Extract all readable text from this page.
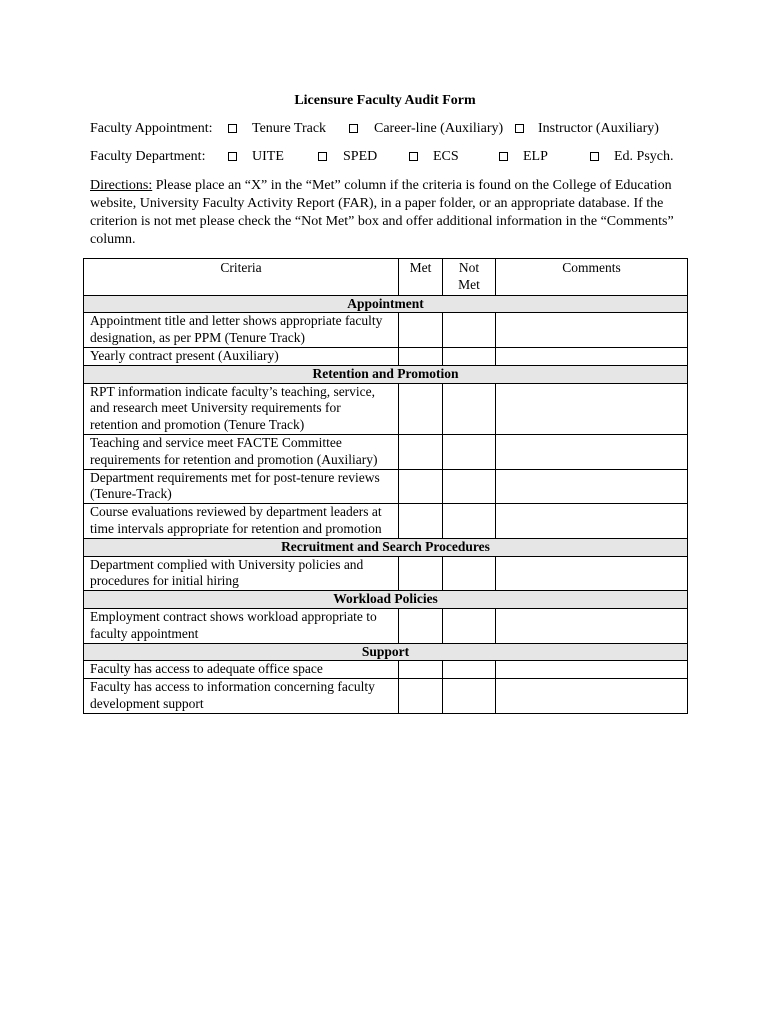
Licensure Faculty Audit Form
Faculty Appointment:	Tenure Track	Career-line (Auxiliary) Instructor (Auxiliary)
Faculty Department:	UITE	SPED	ECS	ELP	Ed. Psych.
Directions: Please place an “X” in the “Met” column if the criteria is found on the College of Education website, University Faculty Activity Report (FAR), in a paper folder, or an appropriate database. If the criterion is not met please check the “Not Met” box and offer additional information in the “Comments” column.
Criteria	Met	Not Met	Comments
Appointment			
Appointment title and letter shows appropriate faculty designation, as per PPM (Tenure Track)			
Yearly contract present (Auxiliary)			
Retention and Promotion			
RPT information indicate faculty’s teaching, service, and research meet University requirements for retention and promotion (Tenure Track)			
Teaching and service meet FACTE Committee requirements for retention and promotion (Auxiliary)			
Department requirements met for post-tenure reviews (Tenure-Track)			
Course evaluations reviewed by department leaders at time intervals appropriate for retention and promotion			
Recruitment and Search Procedures			
Department complied with University policies and procedures for initial hiring			
Workload Policies			
Employment contract shows workload appropriate to faculty appointment			
Support			
Faculty has access to adequate office space			
Faculty has access to information concerning faculty development support			
